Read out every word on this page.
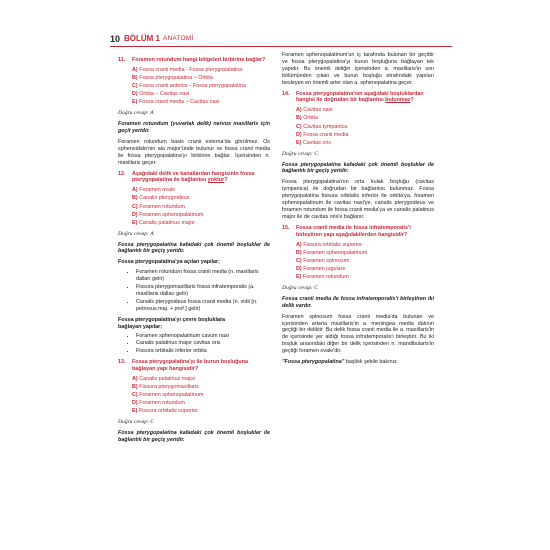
10 BÖLÜM 1 ANATOMİ
11.	Foramen rotundum hangi bölgeleri birbirine bağlar?
A) Fossa cranii media - Fossa pterygopalatina
B) Fossa pterygopalatina – Orbita
C) Fossa cranii anterior - Fossa pterygopalatina
D) Orbita – Cavitas nasi
E) Fossa cranii media – Cavitas nasi
Doğru cevap: A

Foramen rotundum (yuvarlak delik) nervus maxillaris için geçit yeridir.

Foramen rotundum basis cranii externa'da görülmez. Os sphenoidale'nin ala major'ünde bulunur ve fossa cranii media ile fossa pterygopalatina'yı birbirine bağlar. İçerisinden n. maxillaris geçer.

12.	Aşağıdaki delik ve kanallardan hangisinin fossa pterygopalatina ile bağlantısı yoktur?
A) Foramen ovale
B) Canalis pterygoideus
C) Foramen rotundum
D) Foramen sphenopalatinum
E) Canalis palatinus major
Doğru cevap: A

Fossa pterygopalatina kafadaki çok önemli boşluklar ile bağlantılı bir geçiş yeridir.

Fossa pterygopalatina'ya açılan yapılar;

• Foramen rotundum fossa cranii media (n. maxillaris dalları gelir)
• Fissura pterygomaxillaris fossa infratemporalis (a. maxillaris dalları gelir)
• Canalis pterygoideus fossa cranii media (n. vidii [n. petrosus maj. + prof.] gelir)

Fossa pterygopalatina'yı çevre boşluklara
bağlayan yapılar;

• Foramen sphenopalatinum cavum nasi
• Canalis palatinus major cavitas oris
• Fissura orbitalis inferior orbita
13.	Fossa pterygopalatina'yı ile burun boşluğuna bağlayan yapı hangisidir?
A) Canalis palatinus major
B) Fissura pterygomaxillaris
C) Foramen sphenopalatinum
D) Foramen rotundum
E) Fissura orbitalis superior
Doğru cevap: C

Fossa pterygopalatina kafadaki çok önemli boşluklar ile bağlantılı bir geçiş yeridir.

Foramen sphenopalatinum'un iç tarafında bulunan bir geçittir ve fossa pterygopalatina'yı burun boşluğuna bağlayan tek yapıdır. Bu önemli deliğin içerisinden a. maxillaris'in son bölümünden çıkan ve burun boşluğu etrafındaki yapıları besleyen en önemli arter olan a. sphenopalatina geçer.

14.	Fossa pterygopalatina'nın aşağıdaki boşluklardan hangisi ile doğrudan bir bağlantısı bulunmaz?
A) Cavitas nasi
B) Orbita
C) Cavitas tympanica
D) Fossa cranii media
E) Cavitas oris
Doğru cevap: C

Fossa pterygopalatina kafadaki çok önemli boşluklar ile bağlantılı bir geçiş yeridir.

Fossa pterygopalatina'nın orta kulak boşluğu (cavitas tympanica) ile doğrudan bir bağlantısı bulunmaz. Fossa pterygopalatina fissura orbitalis inferior ile orbita'ya, foramen sphenopalatinum ile cavitas nasi'ye, canalis pterygoideus ve foramen rotundum ile fossa cranii media'ya ve canalis palatinus major ile de cavitas oris'e bağlanır.

15.	Fossa cranii media ile fossa infratemporalis'i birleştiren yapı aşağıdakilerden hangisidir?
A) Fissura orbitalis superior
B) Foramen sphenopalatinum
C) Foramen spinosum
D) Foramen jugulare
E) Foramen rotundum
Doğru cevap: C

Fossa cranii media ile fossa infratemporalis'i birleştiren iki delik vardır.

Foramen spinosum fossa cranii media'da bulunan ve içerisinden arteria maxillaris'in a. meningea media dalının geçtiği bir deliktir. Bu delik fossa cranii media ile a. maxillaris'in de içerisinde yer aldığı fossa infratemporalis'i birleştirir. Bu iki boşluk arasındaki diğer bir delik içerisinden n. mandibularis'in geçtiği foramen ovale'dir.

"Fossa pterygopalatina" başlıklı şekile bakınız.
